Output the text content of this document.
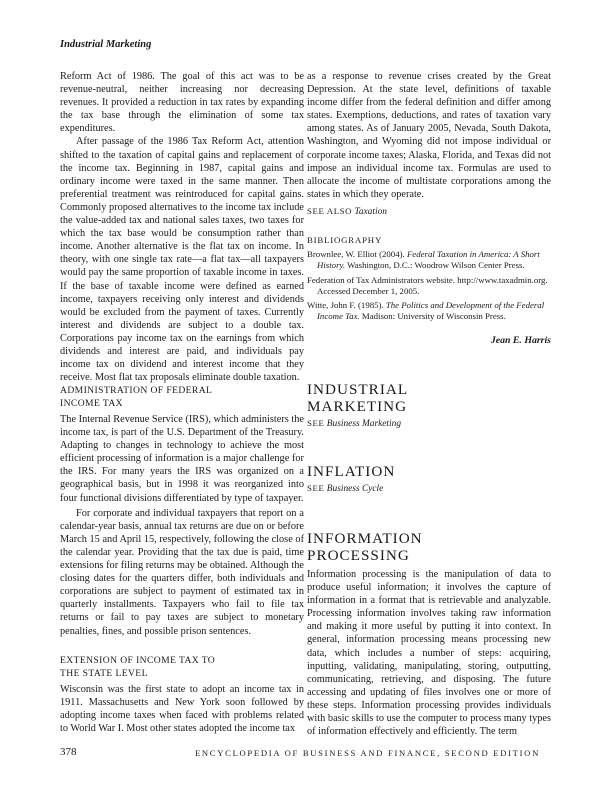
Industrial Marketing

Reform Act of 1986. The goal of this act was to be revenue-neutral, neither increasing nor decreasing revenues. It provided a reduction in tax rates by expanding the tax base through the elimination of some tax expenditures.

After passage of the 1986 Tax Reform Act, attention shifted to the taxation of capital gains and replacement of the income tax. Beginning in 1987, capital gains and ordinary income were taxed in the same manner. Then preferential treatment was reintroduced for capital gains. Commonly proposed alternatives to the income tax include the value-added tax and national sales taxes, two taxes for which the tax base would be consumption rather than income. Another alternative is the flat tax on income. In theory, with one single tax rate—a flat tax—all taxpayers would pay the same proportion of taxable income in taxes. If the base of taxable income were defined as earned income, taxpayers receiving only interest and dividends would be excluded from the payment of taxes. Currently interest and dividends are subject to a double tax. Corporations pay income tax on the earnings from which dividends and interest are paid, and individuals pay income tax on dividend and interest income that they receive. Most flat tax proposals eliminate double taxation.

ADMINISTRATION OF FEDERAL
INCOME TAX

The Internal Revenue Service (IRS), which administers the income tax, is part of the U.S. Department of the Treasury. Adapting to changes in technology to achieve the most efficient processing of information is a major challenge for the IRS. For many years the IRS was organized on a geographical basis, but in 1998 it was reorganized into four functional divisions differentiated by type of taxpayer.

For corporate and individual taxpayers that report on a calendar-year basis, annual tax returns are due on or before March 15 and April 15, respectively, following the close of the calendar year. Providing that the tax due is paid, time extensions for filing returns may be obtained. Although the closing dates for the quarters differ, both individuals and corporations are subject to payment of estimated tax in quarterly installments. Taxpayers who fail to file tax returns or fail to pay taxes are subject to monetary penalties, fines, and possible prison sentences.

EXTENSION OF INCOME TAX TO
THE STATE LEVEL

Wisconsin was the first state to adopt an income tax in 1911. Massachusetts and New York soon followed by adopting income taxes when faced with problems related to World War I. Most other states adopted the income tax

as a response to revenue crises created by the Great Depression. At the state level, definitions of taxable income differ from the federal definition and differ among states. Exemptions, deductions, and rates of taxation vary among states. As of January 2005, Nevada, South Dakota, Washington, and Wyoming did not impose individual or corporate income taxes; Alaska, Florida, and Texas did not impose an individual income tax. Formulas are used to allocate the income of multistate corporations among the states in which they operate.

SEE ALSO Taxation
BIBLIOGRAPHY
Brownlee, W. Elliot (2004). Federal Taxation in America: A Short History. Washington, D.C.: Woodrow Wilson Center Press.
Federation of Tax Administrators website. http://www.taxadmin.org. Accessed December 1, 2005.
Witte, John F. (1985). The Politics and Development of the Federal Income Tax. Madison: University of Wisconsin Press.
Jean E. Harris
INDUSTRIAL
MARKETING
SEE Business Marketing
INFLATION
SEE Business Cycle
INFORMATION
PROCESSING

Information processing is the manipulation of data to produce useful information; it involves the capture of information in a format that is retrievable and analyzable. Processing information involves taking raw information and making it more useful by putting it into context. In general, information processing means processing new data, which includes a number of steps: acquiring, inputting, validating, manipulating, storing, outputting, communicating, retrieving, and disposing. The future accessing and updating of files involves one or more of these steps. Information processing provides individuals with basic skills to use the computer to process many types of information effectively and efficiently. The term

378	ENCYCLOPEDIA OF BUSINESS AND FINANCE, SECOND EDITION
